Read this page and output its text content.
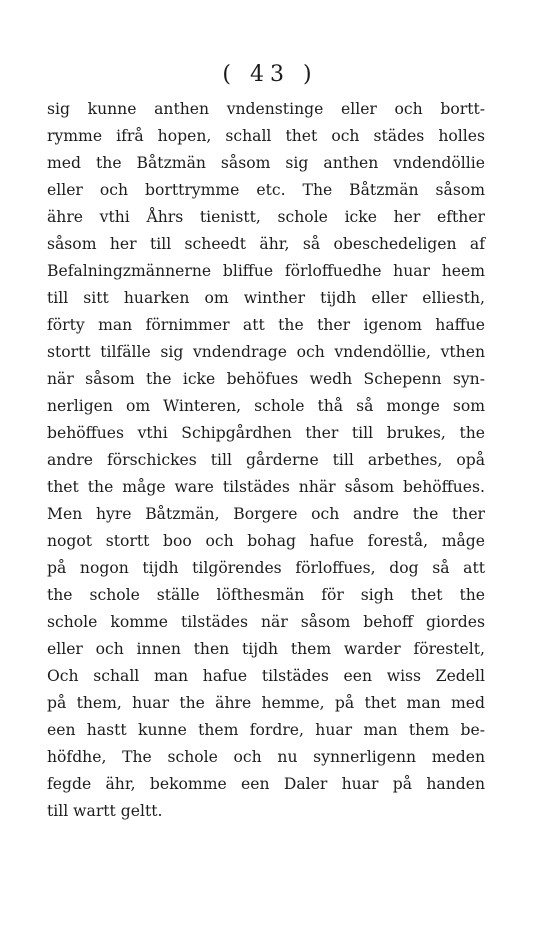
( 43 )
sig kunne anthen vndenstinge eller och bortt-
rymme ifrå hopen, schall thet och städes holles
med the Båtzmän såsom sig anthen vndendöllie
eller och borttrymme etc. The Båtzmän såsom
ähre vthi Åhrs tienistt, schole icke her efther
såsom her till scheedt ähr, så obeschedeligen af
Befalningzmännerne bliffue förloffuedhe huar heem
till sitt huarken om winther tijdh eller elliesth,
förty man förnimmer att the ther igenom haffue
stortt tilfälle sig vndendrage och vndendöllie, vthen
när såsom the icke behöfues wedh Schepenn syn-
nerligen om Winteren, schole thå så monge som
behöffues vthi Schipgårdhen ther till brukes, the
andre förschickes till gårderne till arbethes, opå
thet the måge ware tilstädes nhär såsom behöffues.
Men hyre Båtzmän, Borgere och andre the ther
nogot stortt boo och bohag hafue forestå, måge
på nogon tijdh tilgörendes förloffues, dog så att
the schole ställe löfthesmän för sigh thet the
schole komme tilstädes när såsom behoff giordes
eller och innen then tijdh them warder förestelt,
Och schall man hafue tilstädes een wiss Zedell
på them, huar the ähre hemme, på thet man med
een hastt kunne them fordre, huar man them be-
höfdhe, The schole och nu synnerligenn meden
fegde ähr, bekomme een Daler huar på handen
till wartt geltt.
